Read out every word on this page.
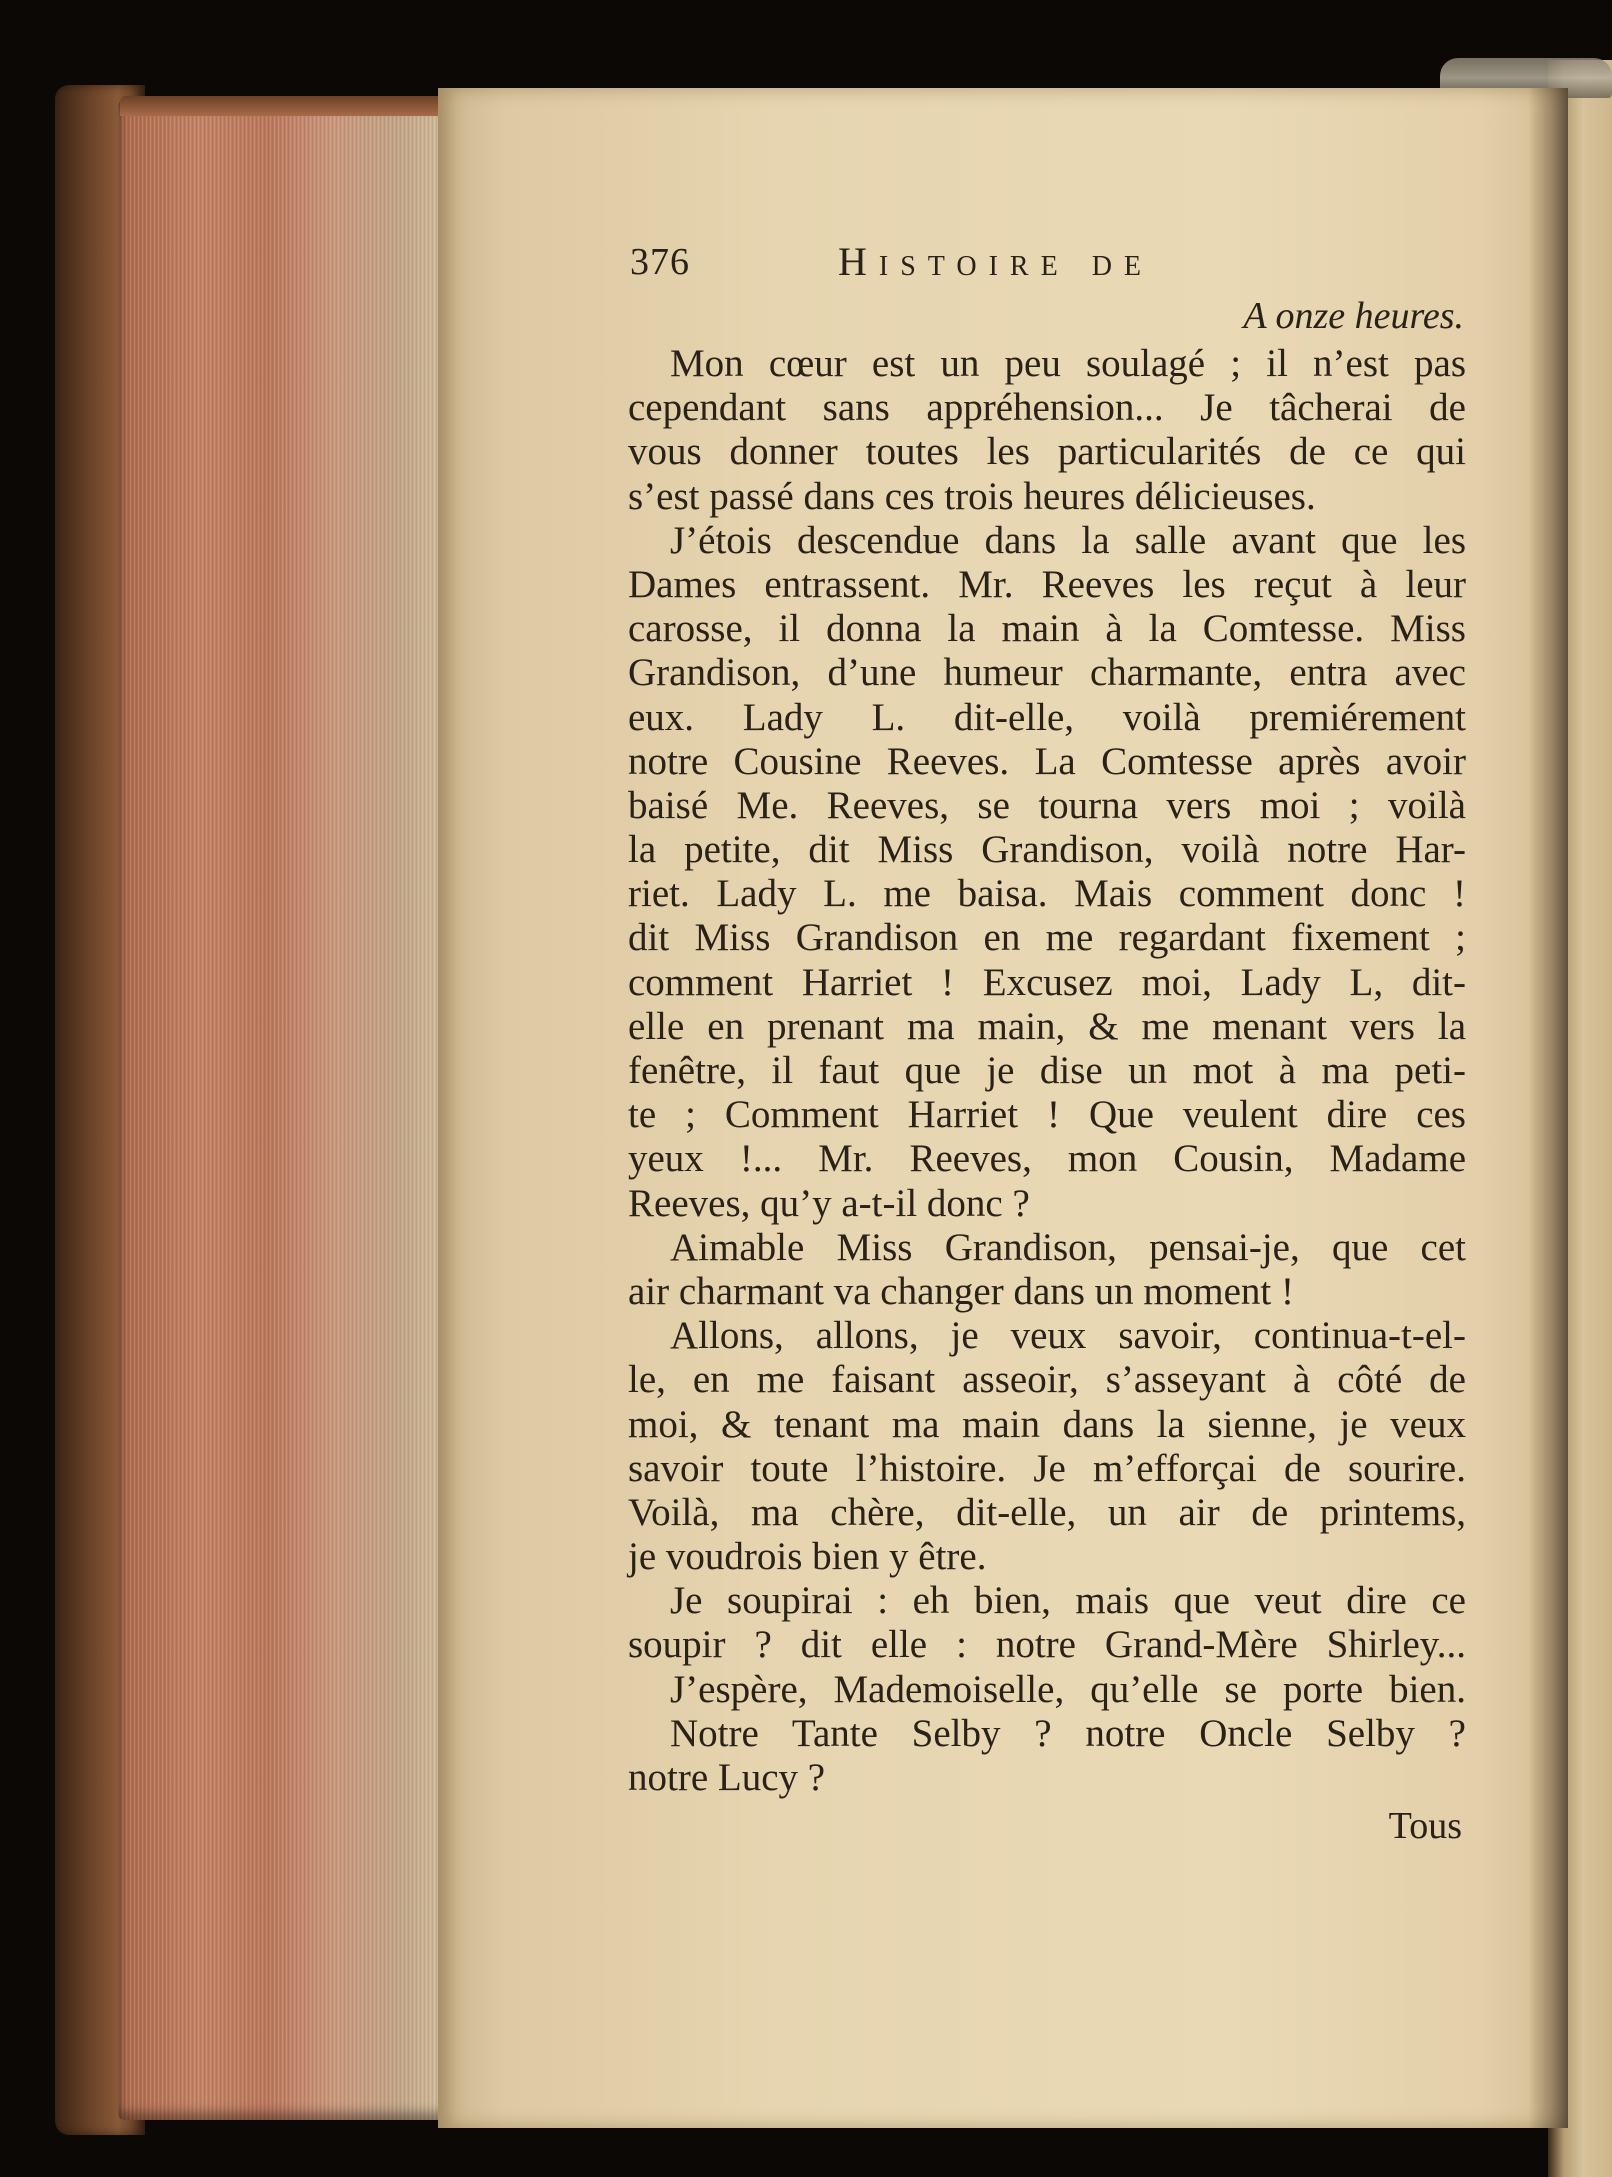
376	Histoire de
A onze heures.
Mon cœur est un peu soulagé ; il n’est pas
cependant sans appréhension... Je tâcherai de
vous donner toutes les particularités de ce qui
s’est passé dans ces trois heures délicieuses.
J’étois descendue dans la salle avant que les
Dames entrassent. Mr. Reeves les reçut à leur
carosse, il donna la main à la Comtesse. Miss
Grandison, d’une humeur charmante, entra avec
eux. Lady L. dit-elle, voilà premiérement
notre Cousine Reeves. La Comtesse après avoir
baisé Me. Reeves, se tourna vers moi ; voilà
la petite, dit Miss Grandison, voilà notre Har-
riet. Lady L. me baisa. Mais comment donc !
dit Miss Grandison en me regardant fixement ;
comment Harriet ! Excusez moi, Lady L, dit-
elle en prenant ma main, & me menant vers la
fenêtre, il faut que je dise un mot à ma peti-
te ; Comment Harriet ! Que veulent dire ces
yeux !... Mr. Reeves, mon Cousin, Madame
Reeves, qu’y a-t-il donc ?
Aimable Miss Grandison, pensai-je, que cet
air charmant va changer dans un moment !
Allons, allons, je veux savoir, continua-t-el-
le, en me faisant asseoir, s’asseyant à côté de
moi, & tenant ma main dans la sienne, je veux
savoir toute l’histoire. Je m’efforçai de sourire.
Voilà, ma chère, dit-elle, un air de printems,
je voudrois bien y être.
Je soupirai : eh bien, mais que veut dire ce
soupir ? dit elle : notre Grand-Mère Shirley...
J’espère, Mademoiselle, qu’elle se porte bien.
Notre Tante Selby ? notre Oncle Selby ?
notre Lucy ?
Tous
